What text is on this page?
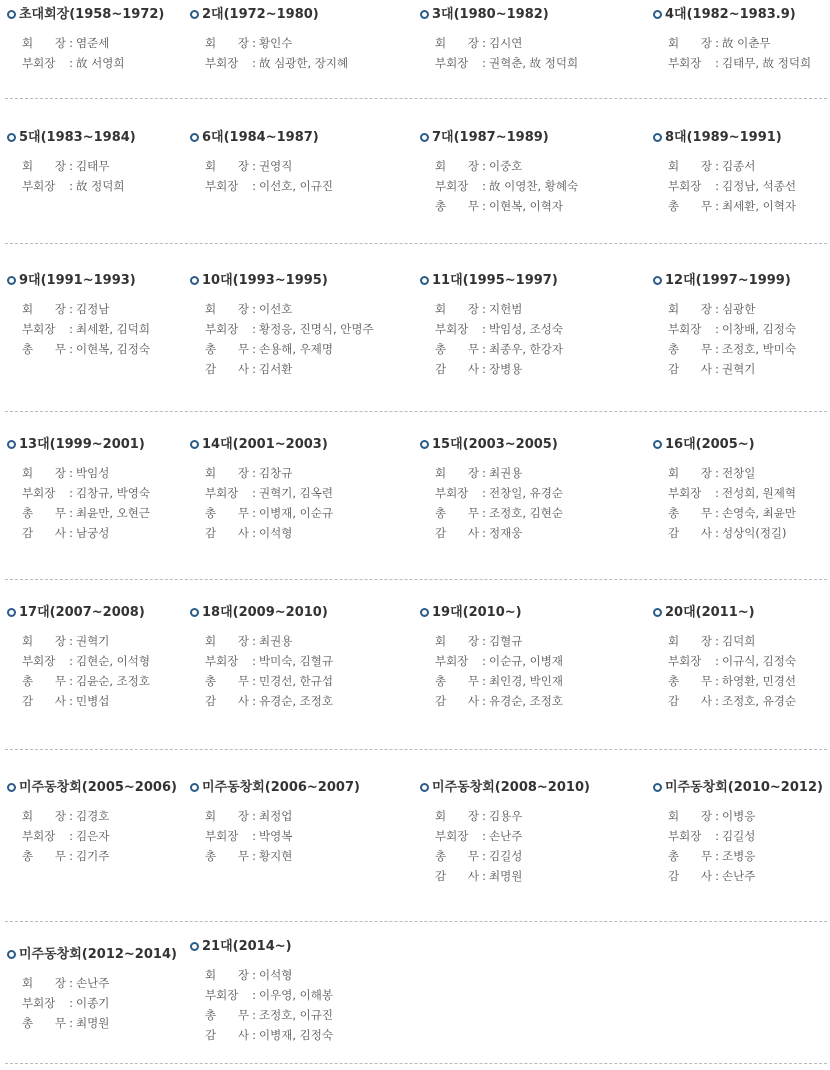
초대회장(1958~1972)
회　장 : 염준세
부회장 : 故 서영희
2대(1972~1980)
회　장 : 황인수
부회장 : 故 심광한, 장지혜
3대(1980~1982)
회　장 : 김시연
부회장 : 권혁춘, 故 정덕희
4대(1982~1983.9)
회　장 : 故 이춘무
부회장 : 김태무, 故 정덕희
5대(1983~1984)
회　장 : 김태무
부회장 : 故 정덕희
6대(1984~1987)
회　장 : 권영직
부회장 : 이선호, 이규진
7대(1987~1989)
회　장 : 이중호
부회장 : 故 이영찬, 황혜숙
총　무 : 이현복, 이혁자
8대(1989~1991)
회　장 : 김종서
부회장 : 김정남, 석종선
총　무 : 최세환, 이혁자
9대(1991~1993)
회　장 : 김정남
부회장 : 최세환, 김덕희
총　무 : 이현복, 김정숙
10대(1993~1995)
회　장 : 이선호
부회장 : 황정응, 진명식, 안명주
총　무 : 손용해, 우제명
감　사 : 김서환
11대(1995~1997)
회　장 : 지헌범
부회장 : 박임성, 조성숙
총　무 : 최종우, 한강자
감　사 : 장병용
12대(1997~1999)
회　장 : 심광한
부회장 : 이창배, 김정숙
총　무 : 조정호, 박미숙
감　사 : 권혁기
13대(1999~2001)
회　장 : 박임성
부회장 : 김창규, 박영숙
총　무 : 최윤만, 오현근
감　사 : 남궁성
14대(2001~2003)
회　장 : 김창규
부회장 : 권혁기, 김옥련
총　무 : 이병재, 이순규
감　사 : 이석형
15대(2003~2005)
회　장 : 최권용
부회장 : 전창일, 유경순
총　무 : 조정호, 김현순
감　사 : 정재웅
16대(2005~)
회　장 : 전창일
부회장 : 전성희, 원제혁
총　무 : 손영숙, 최윤만
감　사 : 성상익(정길)
17대(2007~2008)
회　장 : 권혁기
부회장 : 김현순, 이석형
총　무 : 김윤순, 조정호
감　사 : 민병섭
18대(2009~2010)
회　장 : 최권용
부회장 : 박미숙, 김혈규
총　무 : 민경선, 한규섭
감　사 : 유경순, 조정호
19대(2010~)
회　장 : 김혈규
부회장 : 이순규, 이병재
총　무 : 최인경, 박인재
감　사 : 유경순, 조정호
20대(2011~)
회　장 : 김덕희
부회장 : 이규식, 김정숙
총　무 : 하영환, 민경선
감　사 : 조정호, 유경순
미주동창회(2005~2006)
회　장 : 김경호
부회장 : 김은자
총　무 : 김기주
미주동창회(2006~2007)
회　장 : 최정업
부회장 : 박영복
총　무 : 황지현
미주동창회(2008~2010)
회　장 : 김용우
부회장 : 손난주
총　무 : 김길성
감　사 : 최명원
미주동창회(2010~2012)
회　장 : 이병응
부회장 : 김길성
총　무 : 조병응
감　사 : 손난주
미주동창회(2012~2014)
회　장 : 손난주
부회장 : 이종기
총　무 : 최명원
21대(2014~)
회　장 : 이석형
부회장 : 이우영, 이해봉
총　무 : 조정호, 이규진
감　사 : 이병재, 김정숙
